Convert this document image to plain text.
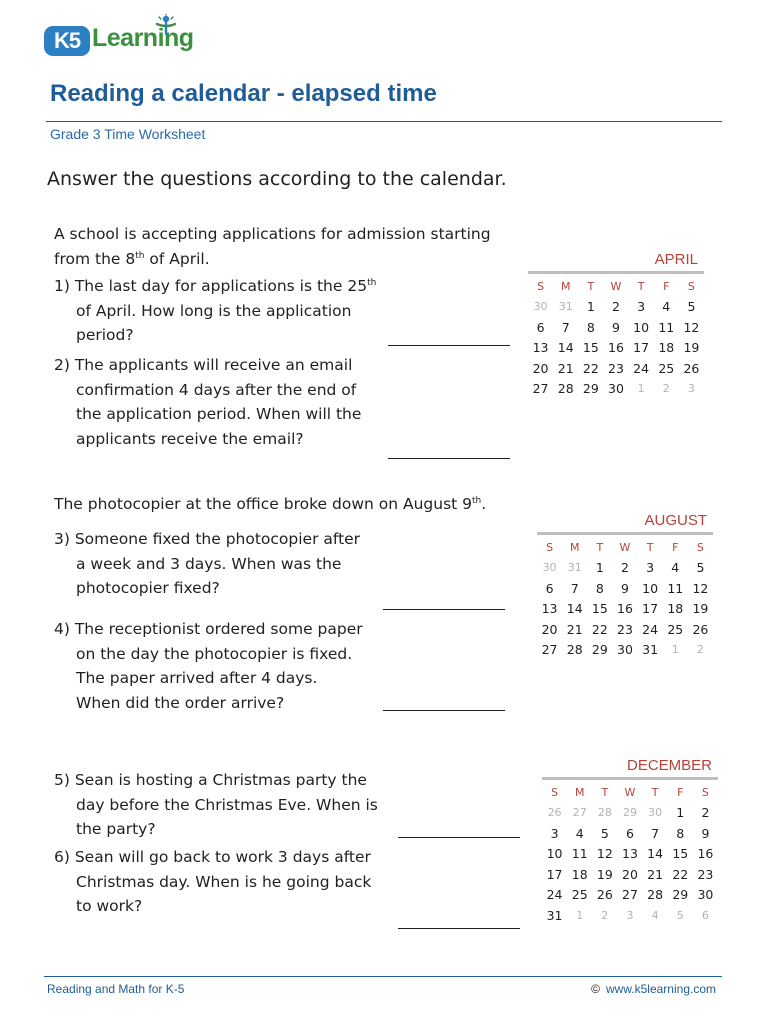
K5 Learning
Reading a calendar - elapsed time
Grade 3 Time Worksheet
Answer the questions according to the calendar.
A school is accepting applications for admission starting
from the 8th of April.
1) The last day for applications is the 25th
of April. How long is the application
period?
2) The applicants will receive an email
confirmation 4 days after the end of
the application period. When will the
applicants receive the email?
APRIL
S	M	T	W	T	F	S
30	31	1	2	3	4	5
6	7	8	9	10 11 12
13 14 15 16 17 18 19
20 21 22 23 24 25 26
27 28 29 30	1	2	3
The photocopier at the office broke down on August 9th.
3) Someone fixed the photocopier after
a week and 3 days. When was the
photocopier fixed?
4) The receptionist ordered some paper
on the day the photocopier is fixed.
The paper arrived after 4 days.
When did the order arrive?
AUGUST
S	M	T	W	T	F	S
30	31	1	2	3	4	5
6	7	8	9	10 11 12
13 14 15 16 17 18 19
20 21 22 23 24 25 26
27 28 29 30 31	1	2
5) Sean is hosting a Christmas party the
day before the Christmas Eve. When is
the party?
6) Sean will go back to work 3 days after
Christmas day. When is he going back
to work?
DECEMBER
S	M	T	W	T	F	S
26	27	28	29	30	1	2
3	4	5	6	7	8	9
10 11 12 13 14 15 16
17 18 19 20 21 22 23
24 25 26 27 28 29 30
31	1	2	3	4	5	6
Reading and Math for K-5	© www.k5learning.com
